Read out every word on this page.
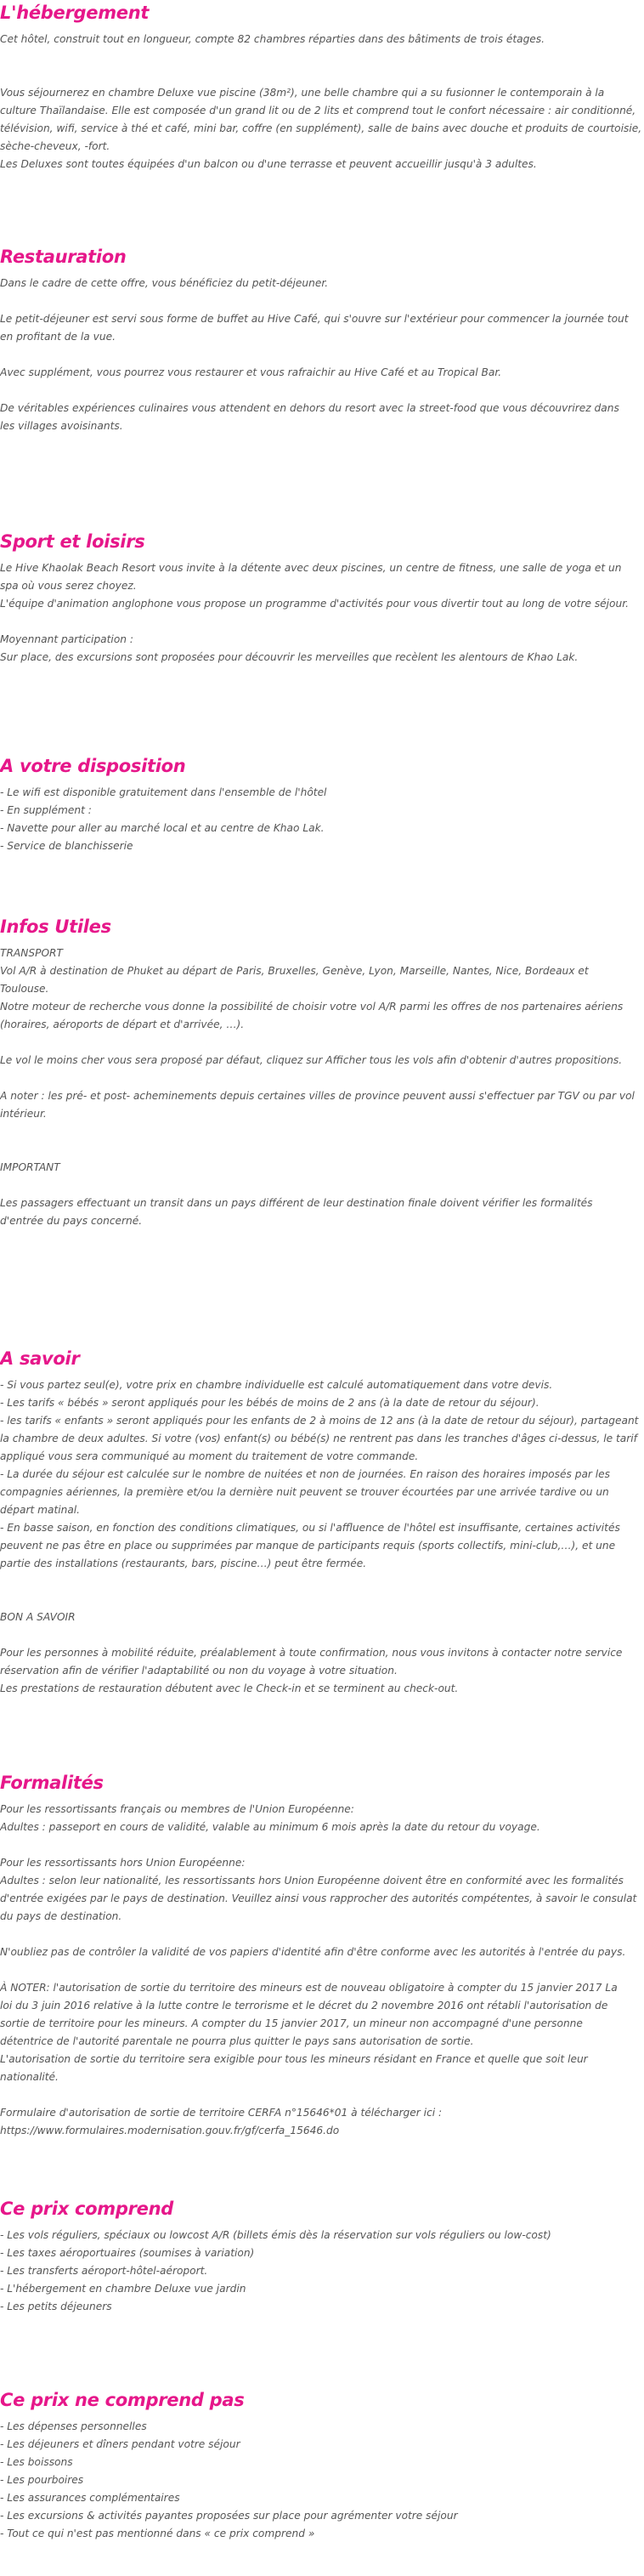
L'hébergement
Cet hôtel, construit tout en longueur, compte 82 chambres réparties dans des bâtiments de trois étages.
Vous séjournerez en chambre Deluxe vue piscine (38m²), une belle chambre qui a su fusionner le contemporain à la
culture Thaïlandaise. Elle est composée d'un grand lit ou de 2 lits et comprend tout le confort nécessaire : air conditionné,
télévision, wifi, service à thé et café, mini bar, coffre (en supplément), salle de bains avec douche et produits de courtoisie,
sèche-cheveux, -fort.
Les Deluxes sont toutes équipées d'un balcon ou d'une terrasse et peuvent accueillir jusqu'à 3 adultes.
Restauration
Dans le cadre de cette offre, vous bénéficiez du petit-déjeuner.
Le petit-déjeuner est servi sous forme de buffet au Hive Café, qui s'ouvre sur l'extérieur pour commencer la journée tout
en profitant de la vue.
Avec supplément, vous pourrez vous restaurer et vous rafraichir au Hive Café et au Tropical Bar.
De véritables expériences culinaires vous attendent en dehors du resort avec la street-food que vous découvrirez dans
les villages avoisinants.
Sport et loisirs
Le Hive Khaolak Beach Resort vous invite à la détente avec deux piscines, un centre de fitness, une salle de yoga et un
spa où vous serez choyez.
L'équipe d'animation anglophone vous propose un programme d'activités pour vous divertir tout au long de votre séjour.
Moyennant participation :
Sur place, des excursions sont proposées pour découvrir les merveilles que recèlent les alentours de Khao Lak.
A votre disposition
- Le wifi est disponible gratuitement dans l'ensemble de l'hôtel
- En supplément :
- Navette pour aller au marché local et au centre de Khao Lak.
- Service de blanchisserie
Infos Utiles
TRANSPORT
Vol A/R à destination de Phuket au départ de Paris, Bruxelles, Genève, Lyon, Marseille, Nantes, Nice, Bordeaux et
Toulouse.
Notre moteur de recherche vous donne la possibilité de choisir votre vol A/R parmi les offres de nos partenaires aériens
(horaires, aéroports de départ et d'arrivée, …).
Le vol le moins cher vous sera proposé par défaut, cliquez sur Afficher tous les vols afin d'obtenir d'autres propositions.
A noter : les pré- et post- acheminements depuis certaines villes de province peuvent aussi s'effectuer par TGV ou par vol
intérieur.
IMPORTANT
Les passagers effectuant un transit dans un pays différent de leur destination finale doivent vérifier les formalités
d'entrée du pays concerné.
A savoir
- Si vous partez seul(e), votre prix en chambre individuelle est calculé automatiquement dans votre devis.
- Les tarifs « bébés » seront appliqués pour les bébés de moins de 2 ans (à la date de retour du séjour).
- les tarifs « enfants » seront appliqués pour les enfants de 2 à moins de 12 ans (à la date de retour du séjour), partageant
la chambre de deux adultes. Si votre (vos) enfant(s) ou bébé(s) ne rentrent pas dans les tranches d'âges ci-dessus, le tarif
appliqué vous sera communiqué au moment du traitement de votre commande.
- La durée du séjour est calculée sur le nombre de nuitées et non de journées. En raison des horaires imposés par les
compagnies aériennes, la première et/ou la dernière nuit peuvent se trouver écourtées par une arrivée tardive ou un
départ matinal.
- En basse saison, en fonction des conditions climatiques, ou si l'affluence de l'hôtel est insuffisante, certaines activités
peuvent ne pas être en place ou supprimées par manque de participants requis (sports collectifs, mini-club,…), et une
partie des installations (restaurants, bars, piscine…) peut être fermée.
BON A SAVOIR
Pour les personnes à mobilité réduite, préalablement à toute confirmation, nous vous invitons à contacter notre service
réservation afin de vérifier l'adaptabilité ou non du voyage à votre situation.
Les prestations de restauration débutent avec le Check-in et se terminent au check-out.
Formalités
Pour les ressortissants français ou membres de l'Union Européenne:
Adultes : passeport en cours de validité, valable au minimum 6 mois après la date du retour du voyage.
Pour les ressortissants hors Union Européenne:
Adultes : selon leur nationalité, les ressortissants hors Union Européenne doivent être en conformité avec les formalités
d'entrée exigées par le pays de destination. Veuillez ainsi vous rapprocher des autorités compétentes, à savoir le consulat
du pays de destination.
N'oubliez pas de contrôler la validité de vos papiers d'identité afin d'être conforme avec les autorités à l'entrée du pays.
À NOTER: l'autorisation de sortie du territoire des mineurs est de nouveau obligatoire à compter du 15 janvier 2017 La
loi du 3 juin 2016 relative à la lutte contre le terrorisme et le décret du 2 novembre 2016 ont rétabli l'autorisation de
sortie de territoire pour les mineurs. A compter du 15 janvier 2017, un mineur non accompagné d'une personne
détentrice de l'autorité parentale ne pourra plus quitter le pays sans autorisation de sortie.
L'autorisation de sortie du territoire sera exigible pour tous les mineurs résidant en France et quelle que soit leur
nationalité.
Formulaire d'autorisation de sortie de territoire CERFA n°15646*01 à télécharger ici :
https://www.formulaires.modernisation.gouv.fr/gf/cerfa_15646.do
Ce prix comprend
- Les vols réguliers, spéciaux ou lowcost A/R (billets émis dès la réservation sur vols réguliers ou low-cost)
- Les taxes aéroportuaires (soumises à variation)
- Les transferts aéroport-hôtel-aéroport.
- L'hébergement en chambre Deluxe vue jardin
- Les petits déjeuners
Ce prix ne comprend pas
- Les dépenses personnelles
- Les déjeuners et dîners pendant votre séjour
- Les boissons
- Les pourboires
- Les assurances complémentaires
- Les excursions & activités payantes proposées sur place pour agrémenter votre séjour
- Tout ce qui n'est pas mentionné dans « ce prix comprend »
